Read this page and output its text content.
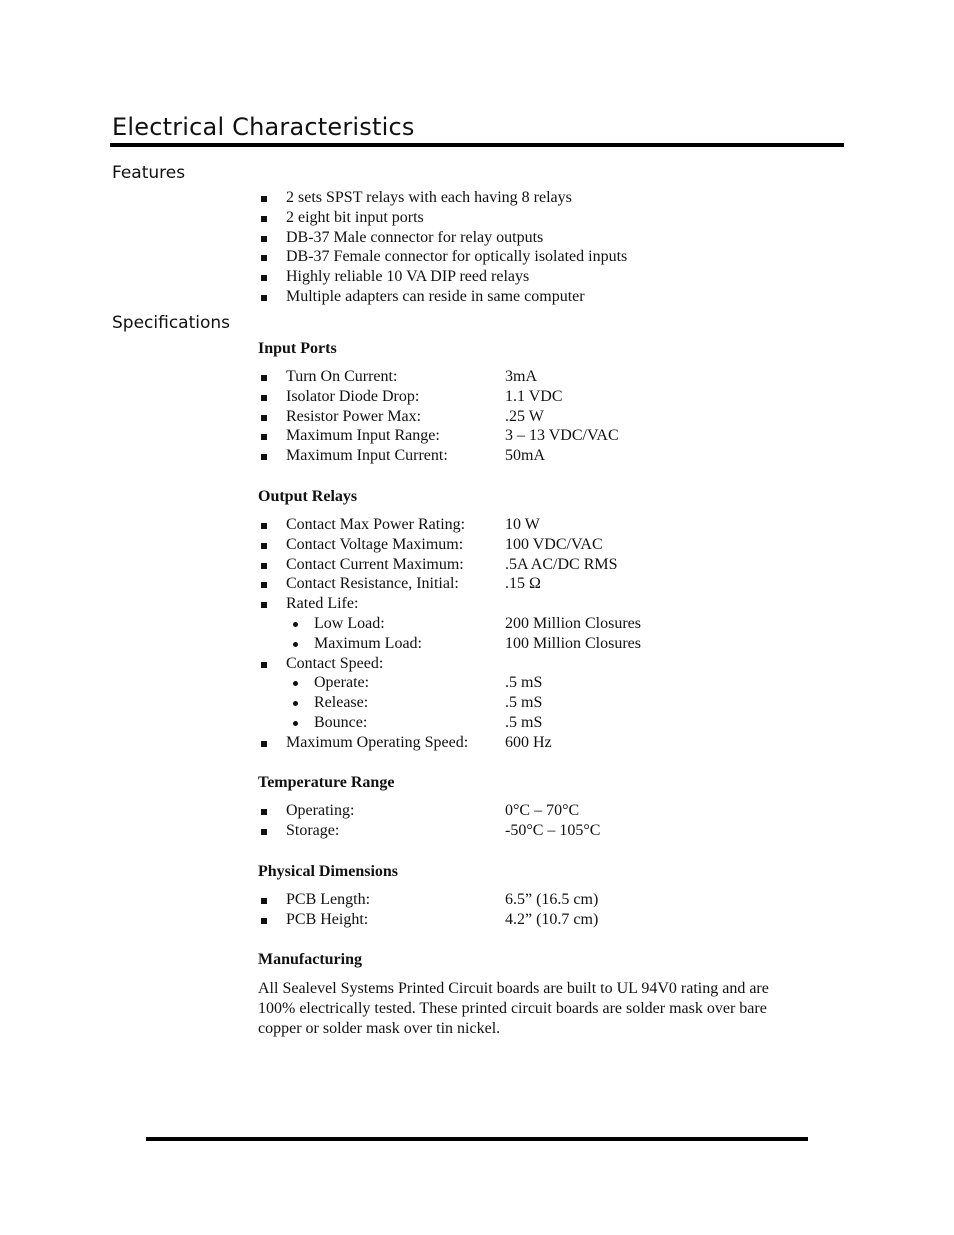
Electrical Characteristics
Features
2 sets SPST relays with each having 8 relays
2 eight bit input ports
DB-37 Male connector for relay outputs
DB-37 Female connector for optically isolated inputs
Highly reliable 10 VA DIP reed relays
Multiple adapters can reside in same computer
Specifications

Input Ports

Turn On Current:	3mA
Isolator Diode Drop:	1.1 VDC
Resistor Power Max:	.25 W
Maximum Input Range:	3 – 13 VDC/VAC
Maximum Input Current:	50mA

Output Relays

Contact Max Power Rating: 10 W
Contact Voltage Maximum:	100 VDC/VAC
Contact Current Maximum:	.5A AC/DC RMS
Contact Resistance, Initial:	.15 Ω
Rated Life:
Low Load:	200 Million Closures
Maximum Load:	100 Million Closures
Contact Speed:
Operate:	.5 mS
Release:	.5 mS
Bounce:	.5 mS
Maximum Operating Speed: 600 Hz

Temperature Range

Operating:	0°C – 70°C
Storage:	-50°C – 105°C

Physical Dimensions

PCB Length:	6.5” (16.5 cm)
PCB Height:	4.2” (10.7 cm)

Manufacturing

All Sealevel Systems Printed Circuit boards are built to UL 94V0 rating and are

100% electrically tested. These printed circuit boards are solder mask over bare

copper or solder mask over tin nickel.
